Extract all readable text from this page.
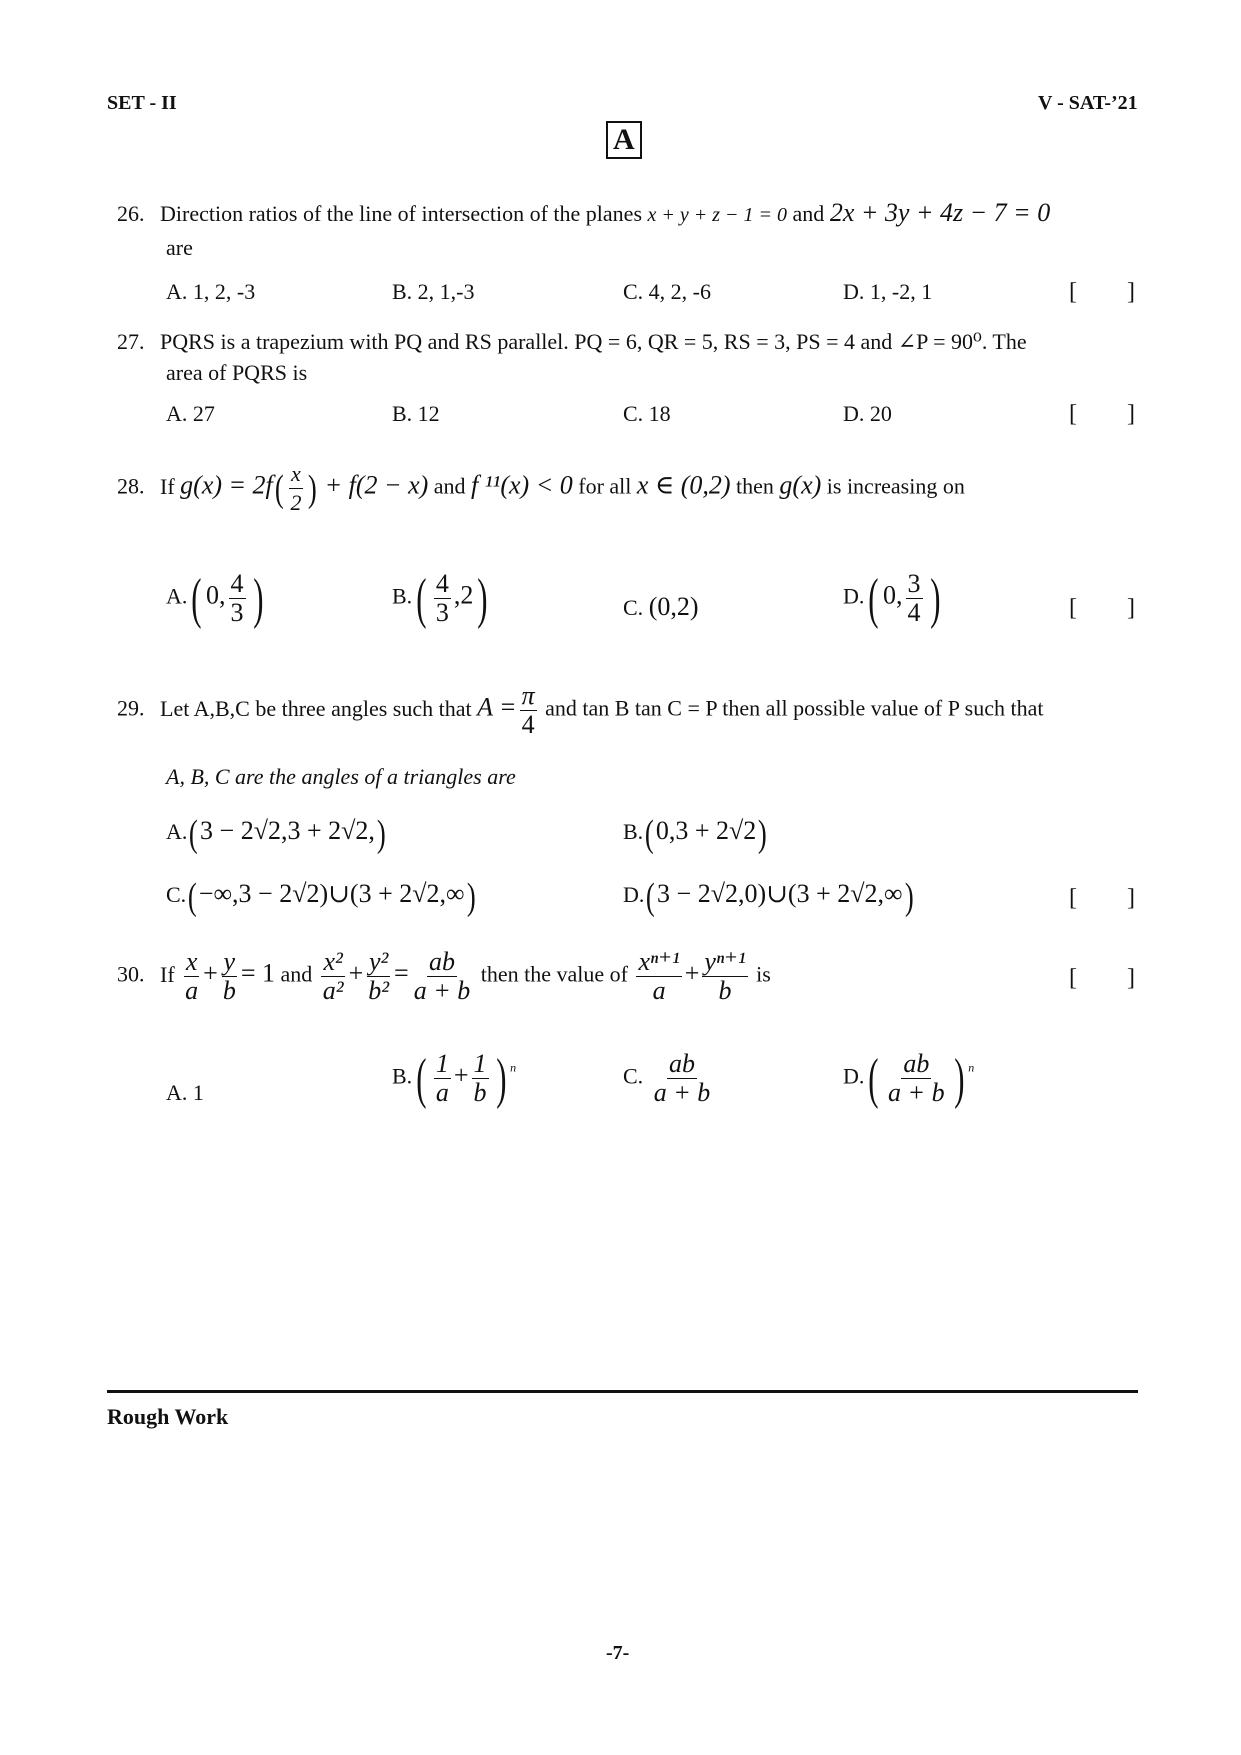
SET - II	V - SAT-’21
A
26. Direction ratios of the line of intersection of the planes x + y + z − 1 = 0 and 2x + 3y + 4z − 7 = 0
are
A. 1, 2, -3	B. 2, 1,-3	C. 4, 2, -6	D. 1, -2, 1	[ ]
27. PQRS is a trapezium with PQ and RS parallel. PQ = 6, QR = 5, RS = 3, PS = 4 and ∠P = 90⁰. The
area of PQRS is
A. 27	B. 12	C. 18	D. 20	[ ]
28. If $g(x) = 2f( \frac{x}{2}$ ) + f(2 − x) and f ¹¹(x) < 0 for all x ∈ (0,2) then g(x) is increasing on
A.( 0, $\frac{4}{3}$ )	$B.( \frac{4}{3} ,2)$	C. (0,2)	D.( 0, $\frac{3}{4}$ )	[ ]
29. Let A,B,C be three angles such that $A = \frac{\pi}{4}$ and tan B tan C = P then all possible value of P such that
A, B, C are the angles of a triangles are
A.(3 − 2√2,3 + 2√2,)	B.(0,3 + 2√2)
C.(−∞,3 − 2√2)∪(3 + 2√2,∞)	D.(3 − 2√2,0)∪(3 + 2√2,∞)	[ ]
30. If $\frac{x}{a} + \frac{y}{b} = 1$ and $\frac{\text{x²}}{\text{a²}} + \frac{\text{y²}}{\text{b²}} = \frac{ab}{a + b}$ then the value of $\frac{\text{xⁿ⁺¹}}{a} + \frac{\text{yⁿ⁺¹}}{b}$ is	[ ]
A. 1
$B.( \frac{1}{a} + \frac{1}{b}$ ) $^n$	C. $\frac{ab}{a + b}$	$D.( \frac{ab}{a + b}$ ) $^n$
Rough Work
-7-
